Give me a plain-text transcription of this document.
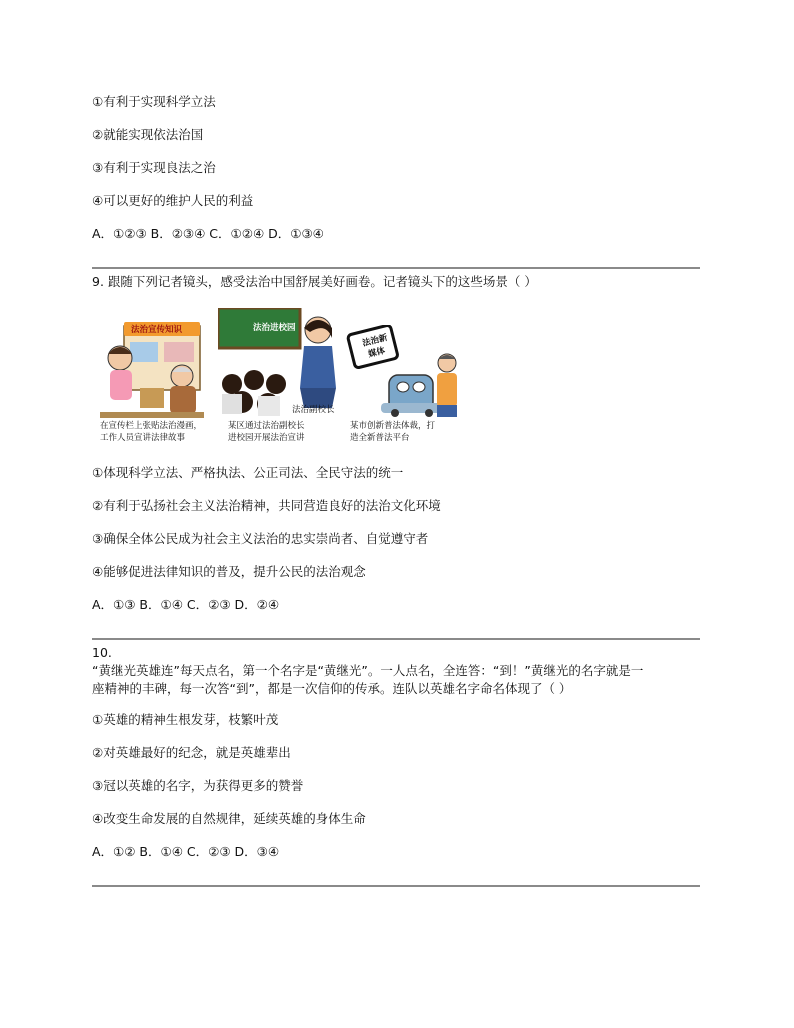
①有利于实现科学立法
②就能实现依法治国
③有利于实现良法之治
④可以更好的维护人民的利益
A．①②③ B．②③④ C．①②④ D．①③④
9. 跟随下列记者镜头，感受法治中国舒展美好画卷。记者镜头下的这些场景（ ）
法治宣传知识
在宣传栏上张贴法治漫画，
工作人员宣讲法律故事
法治进校园
法治副校长
某区通过法治副校长
进校园开展法治宣讲
法治新
媒体
某市创新普法体裁，打
造全新普法平台
①体现科学立法、严格执法、公正司法、全民守法的统一
②有利于弘扬社会主义法治精神，共同营造良好的法治文化环境
③确保全体公民成为社会主义法治的忠实崇尚者、自觉遵守者
④能够促进法律知识的普及，提升公民的法治观念
A．①③ B．①④ C．②③ D．②④
10.
“黄继光英雄连”每天点名，第一个名字是“黄继光”。一人点名，全连答：“到！”黄继光的名字就是一
座精神的丰碑，每一次答“到”，都是一次信仰的传承。连队以英雄名字命名体现了（ ）
①英雄的精神生根发芽，枝繁叶茂
②对英雄最好的纪念，就是英雄辈出
③冠以英雄的名字，为获得更多的赞誉
④改变生命发展的自然规律，延续英雄的身体生命
A．①② B．①④ C．②③ D．③④
